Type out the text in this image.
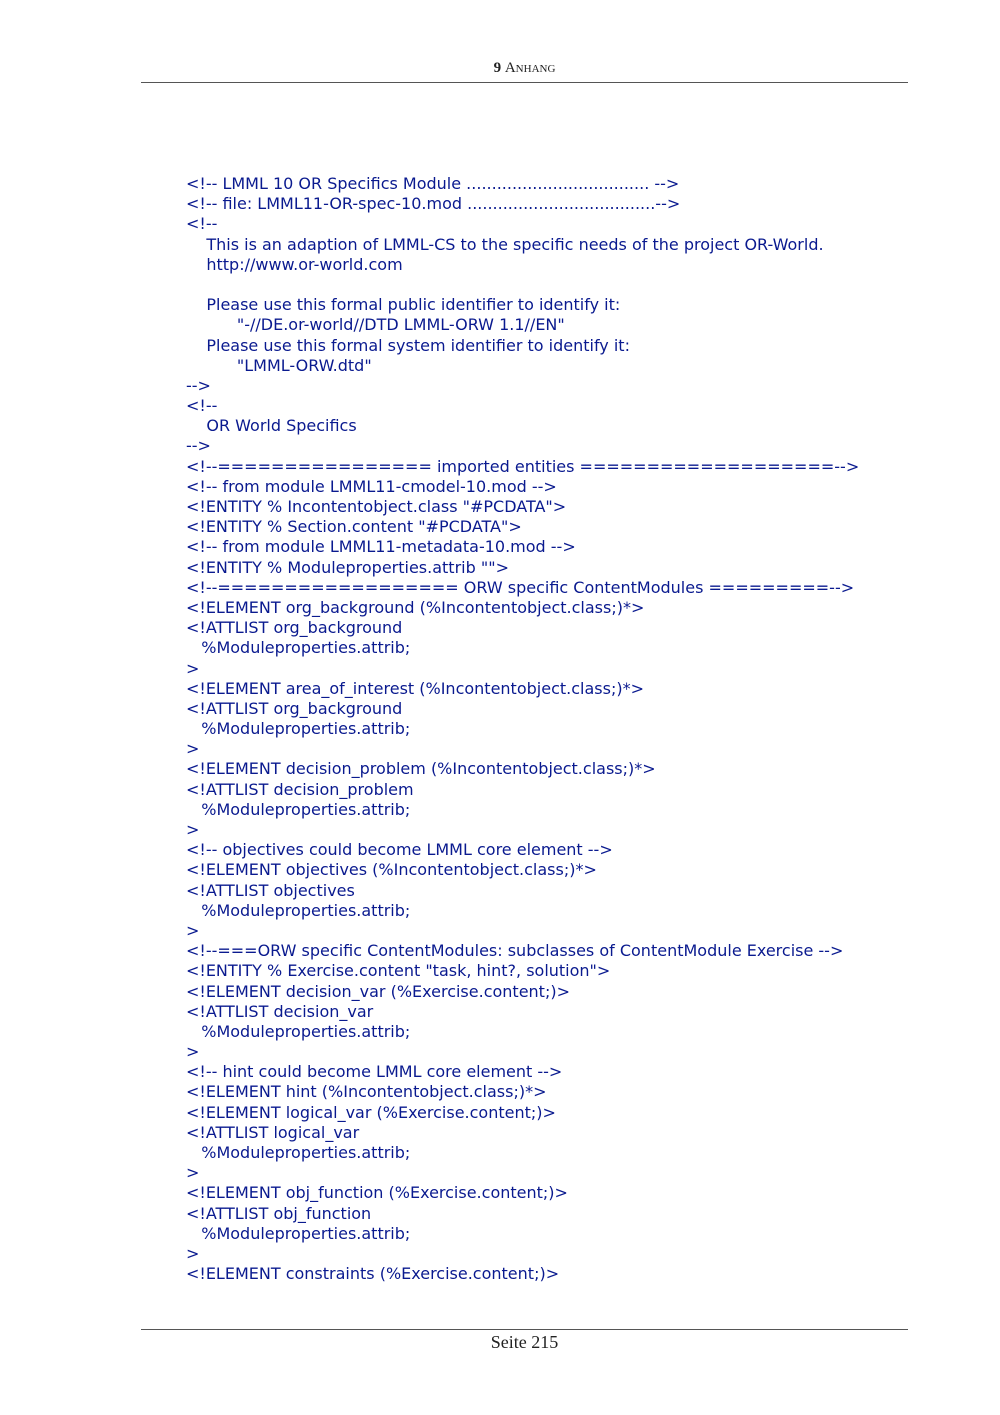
9 Anhang
<!-- LMML 10 OR Specifics Module .................................... -->
<!-- file: LMML11-OR-spec-10.mod .....................................-->
<!--
This is an adaption of LMML-CS to the specific needs of the project OR-World.
http://www.or-world.com
Please use this formal public identifier to identify it:
"-//DE.or-world//DTD LMML-ORW 1.1//EN"
Please use this formal system identifier to identify it:
"LMML-ORW.dtd"
-->
<!--
OR World Specifics
-->
<!--================ imported entities ===================-->
<!-- from module LMML11-cmodel-10.mod -->
<!ENTITY % Incontentobject.class "#PCDATA">
<!ENTITY % Section.content "#PCDATA">
<!-- from module LMML11-metadata-10.mod -->
<!ENTITY % Moduleproperties.attrib "">
<!--================== ORW specific ContentModules =========-->
<!ELEMENT org_background (%Incontentobject.class;)*>
<!ATTLIST org_background
%Moduleproperties.attrib;
>
<!ELEMENT area_of_interest (%Incontentobject.class;)*>
<!ATTLIST org_background
%Moduleproperties.attrib;
>
<!ELEMENT decision_problem (%Incontentobject.class;)*>
<!ATTLIST decision_problem
%Moduleproperties.attrib;
>
<!-- objectives could become LMML core element -->
<!ELEMENT objectives (%Incontentobject.class;)*>
<!ATTLIST objectives
%Moduleproperties.attrib;
>
<!--===ORW specific ContentModules: subclasses of ContentModule Exercise -->
<!ENTITY % Exercise.content "task, hint?, solution">
<!ELEMENT decision_var (%Exercise.content;)>
<!ATTLIST decision_var
%Moduleproperties.attrib;
>
<!-- hint could become LMML core element -->
<!ELEMENT hint (%Incontentobject.class;)*>
<!ELEMENT logical_var (%Exercise.content;)>
<!ATTLIST logical_var
%Moduleproperties.attrib;
>
<!ELEMENT obj_function (%Exercise.content;)>
<!ATTLIST obj_function
%Moduleproperties.attrib;
>
<!ELEMENT constraints (%Exercise.content;)>
Seite 215
